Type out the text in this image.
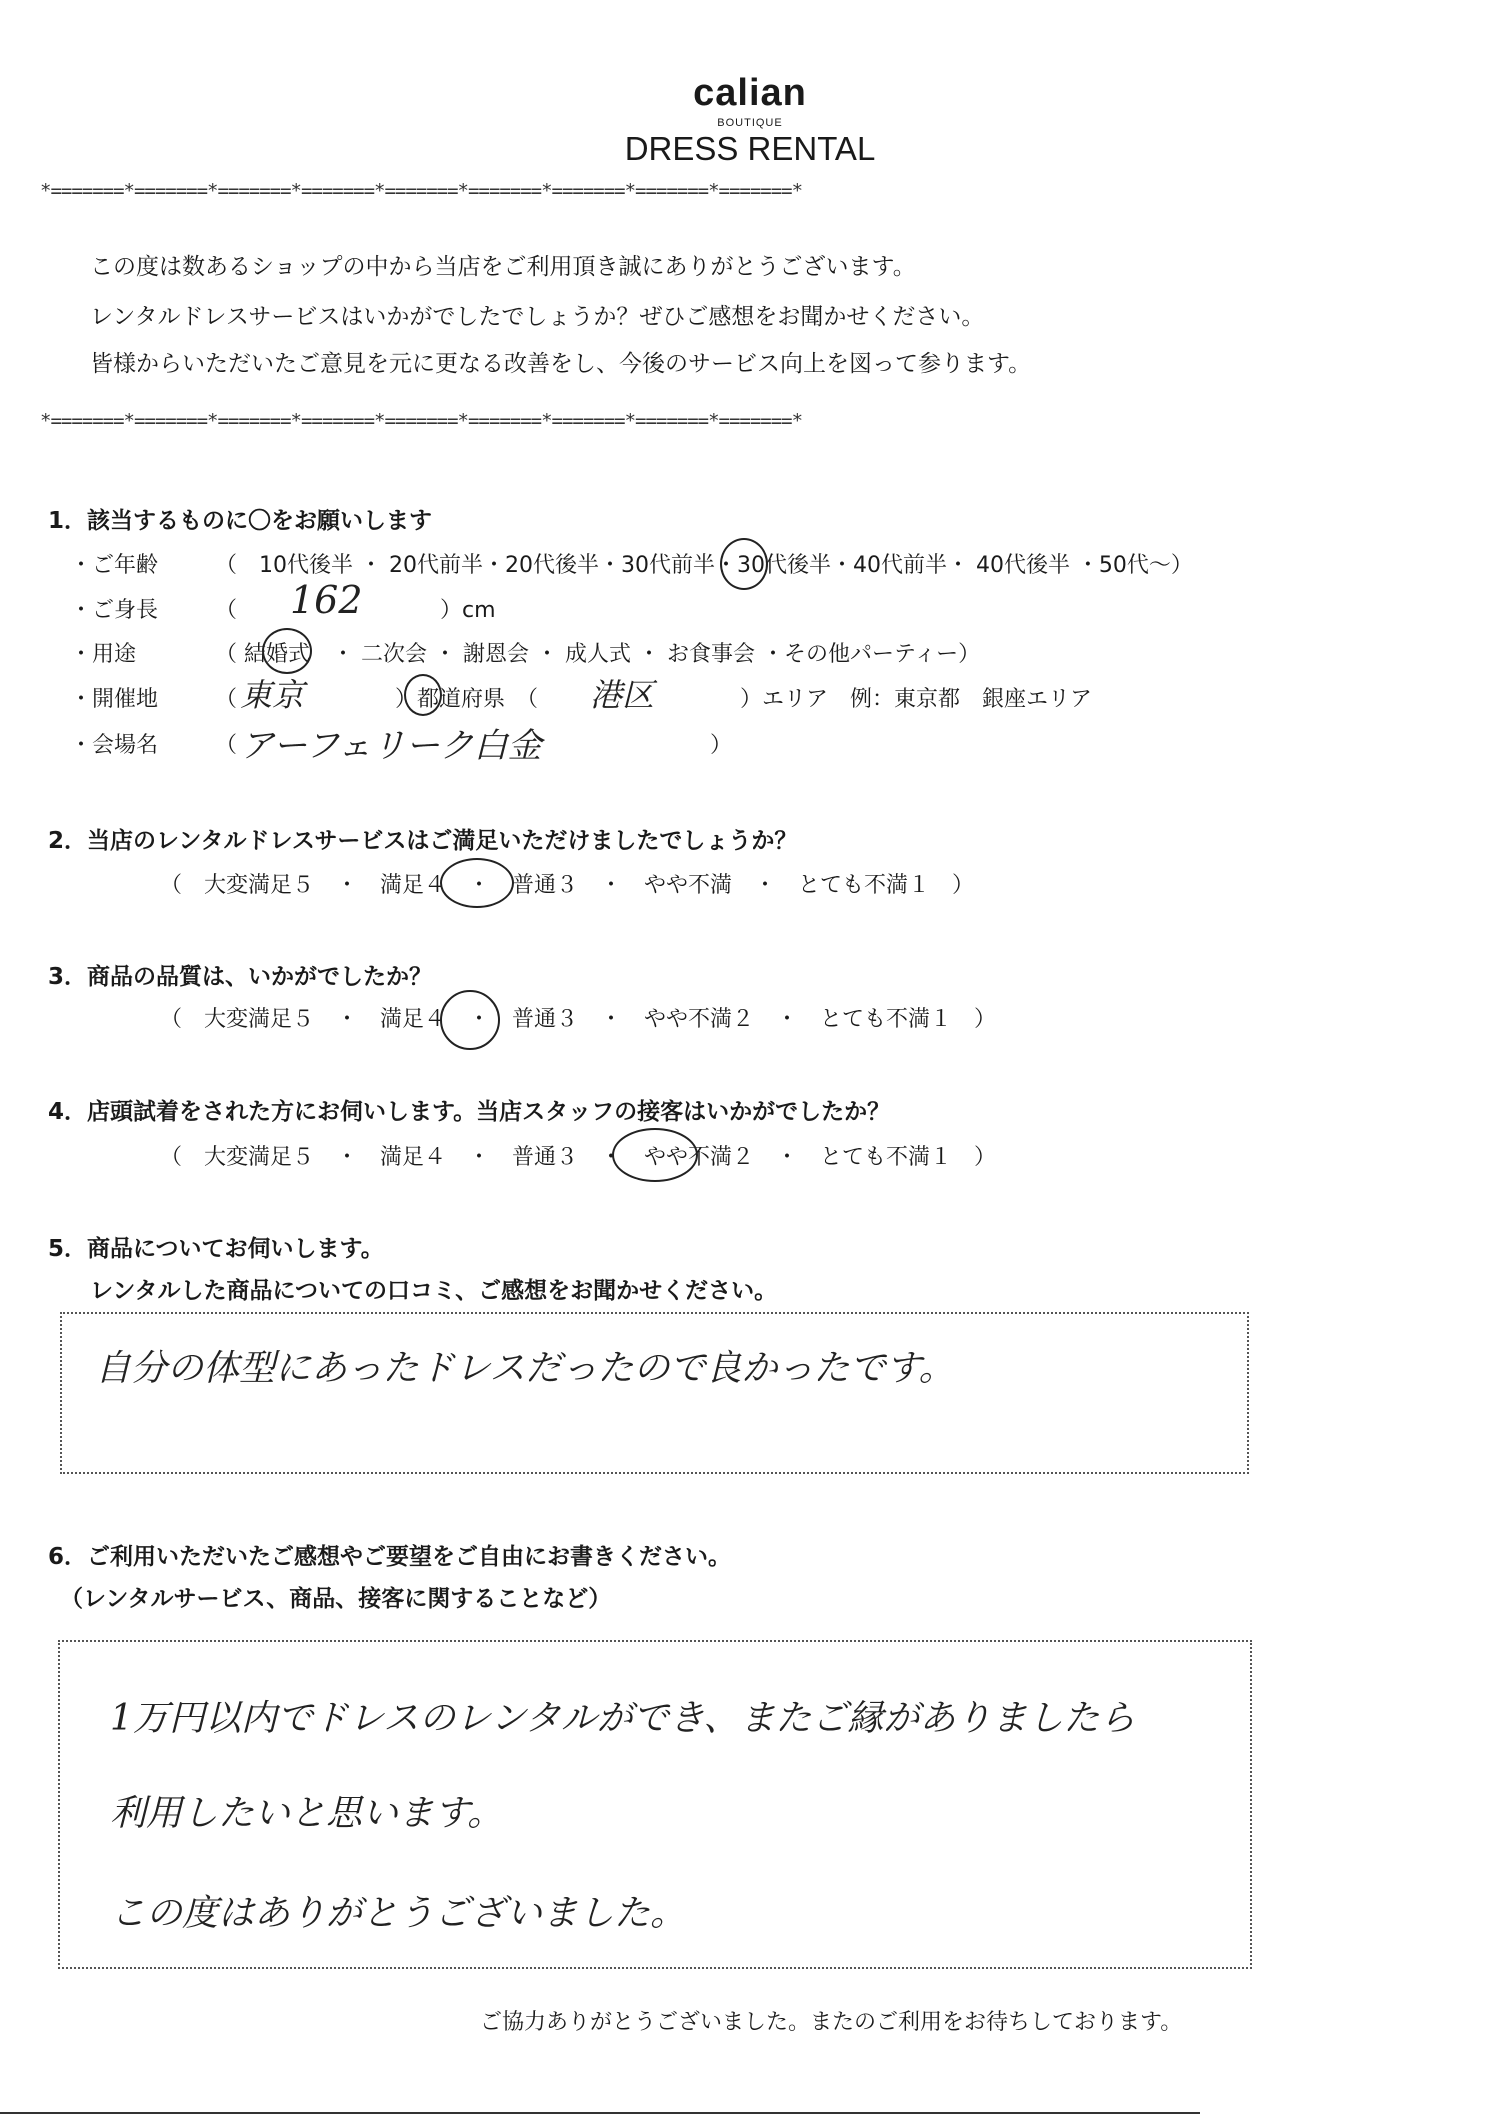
calian
BOUTIQUE
DRESS RENTAL
*=======*=======*=======*=======*=======*=======*=======*=======*=======*
この度は数あるショップの中から当店をご利用頂き誠にありがとうございます。
レンタルドレスサービスはいかがでしたでしょうか？ぜひご感想をお聞かせください。
皆様からいただいたご意見を元に更なる改善をし、今後のサービス向上を図って参ります。
*=======*=======*=======*=======*=======*=======*=======*=======*=======*
1．該当するものに〇をお願いします
・ご年齢	（　10代後半 ・ 20代前半・20代後半・30代前半・30代後半・40代前半・ 40代後半 ・50代～）
・ご身長	（ 162	）cm
・用途	（ 結婚式　・ 二次会 ・ 謝恩会 ・ 成人式 ・ お食事会 ・その他パーティー）
・開催地	（ 東京	）都道府県　（ 港区	）エリア　例：東京都　銀座エリア
・会場名	（ アーフェリーク白金	）
2．当店のレンタルドレスサービスはご満足いただけましたでしょうか？
（　大変満足５　・　満足４　・　普通３　・　やや不満　・　とても不満１　）
3．商品の品質は、いかがでしたか？
（　大変満足５　・　満足４　・　普通３　・　やや不満２　・　とても不満１　）
4．店頭試着をされた方にお伺いします。当店スタッフの接客はいかがでしたか？
（　大変満足５　・　満足４　・　普通３　・　やや不満２　・　とても不満１　）
5．商品についてお伺いします。
レンタルした商品についての口コミ、ご感想をお聞かせください。
自分の体型にあったドレスだったので良かったです。
6．ご利用いただいたご感想やご要望をご自由にお書きください。
（レンタルサービス、商品、接客に関することなど）
1万円以内でドレスのレンタルができ、またご縁がありましたら
利用したいと思います。
この度はありがとうございました。
ご協力ありがとうございました。またのご利用をお待ちしております。
